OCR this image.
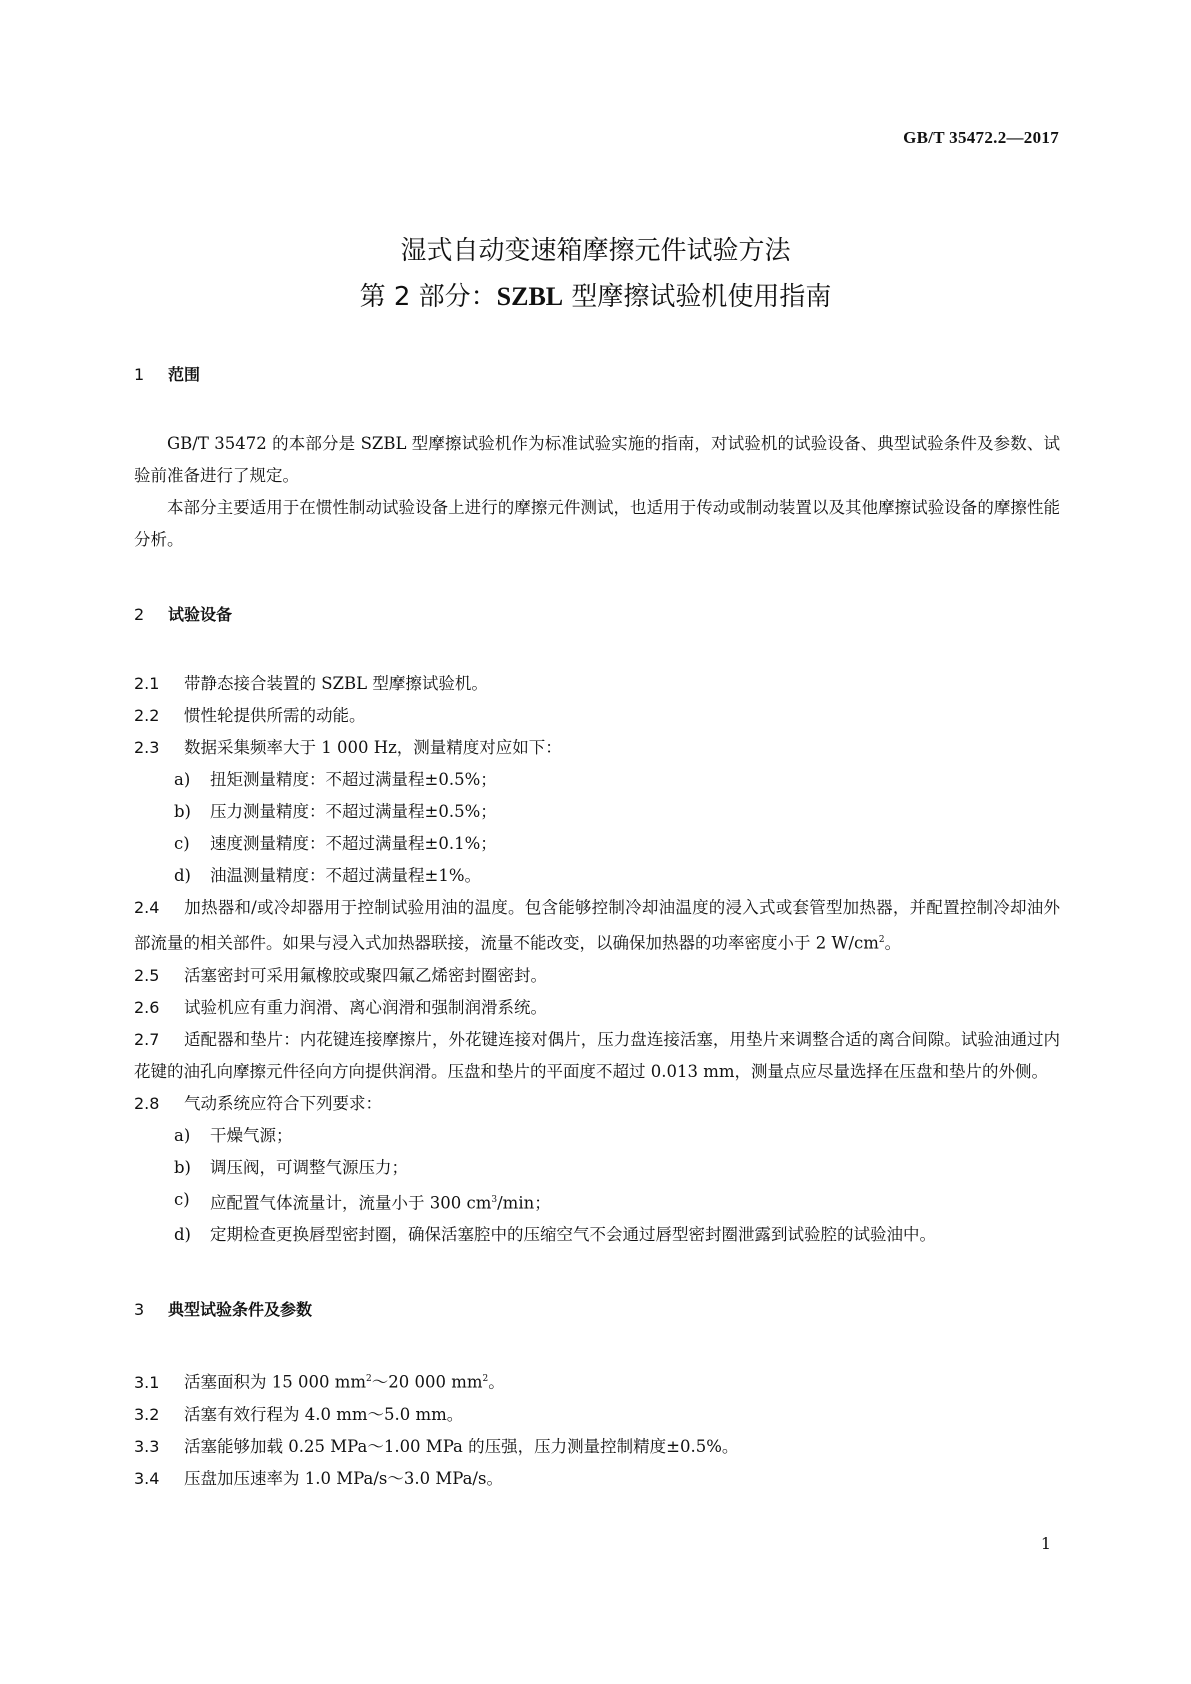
GB/T 35472.2—2017
湿式自动变速箱摩擦元件试验方法
第 2 部分：SZBL 型摩擦试验机使用指南
1 范围

GB/T 35472 的本部分是 SZBL 型摩擦试验机作为标准试验实施的指南，对试验机的试验设备、典型试验条件及参数、试验前准备进行了规定。

本部分主要适用于在惯性制动试验设备上进行的摩擦元件测试，也适用于传动或制动装置以及其他摩擦试验设备的摩擦性能分析。

2 试验设备

2.1 带静态接合装置的 SZBL 型摩擦试验机。

2.2 惯性轮提供所需的动能。

2.3 数据采集频率大于 1 000 Hz，测量精度对应如下：

a) 扭矩测量精度：不超过满量程±0.5%；

b) 压力测量精度：不超过满量程±0.5%；

c) 速度测量精度：不超过满量程±0.1%；

d) 油温测量精度：不超过满量程±1%。

2.4 加热器和/或冷却器用于控制试验用油的温度。包含能够控制冷却油温度的浸入式或套管型加热器，并配置控制冷却油外部流量的相关部件。如果与浸入式加热器联接，流量不能改变，以确保加热器的功率密度小于 2 $W/cm^2$。

2.5 活塞密封可采用氟橡胶或聚四氟乙烯密封圈密封。

2.6 试验机应有重力润滑、离心润滑和强制润滑系统。

2.7 适配器和垫片：内花键连接摩擦片，外花键连接对偶片，压力盘连接活塞，用垫片来调整合适的离合间隙。试验油通过内花键的油孔向摩擦元件径向方向提供润滑。压盘和垫片的平面度不超过 0.013 mm，测量点应尽量选择在压盘和垫片的外侧。

2.8 气动系统应符合下列要求：

a) 干燥气源；

b) 调压阀，可调整气源压力；

c) 应配置气体流量计，流量小于 300 $cm^3/\min$；

d) 定期检查更换唇型密封圈，确保活塞腔中的压缩空气不会通过唇型密封圈泄露到试验腔的试验油中。

3 典型试验条件及参数

3.1 活塞面积为 15 000 $mm^2\sim 20$ 000 $mm^2$。

3.2 活塞有效行程为 4.0 mm～5.0 mm。

3.3 活塞能够加载 0.25 MPa～1.00 MPa 的压强，压力测量控制精度±0.5%。

3.4 压盘加压速率为 1.0 MPa/s～3.0 MPa/s。

1
